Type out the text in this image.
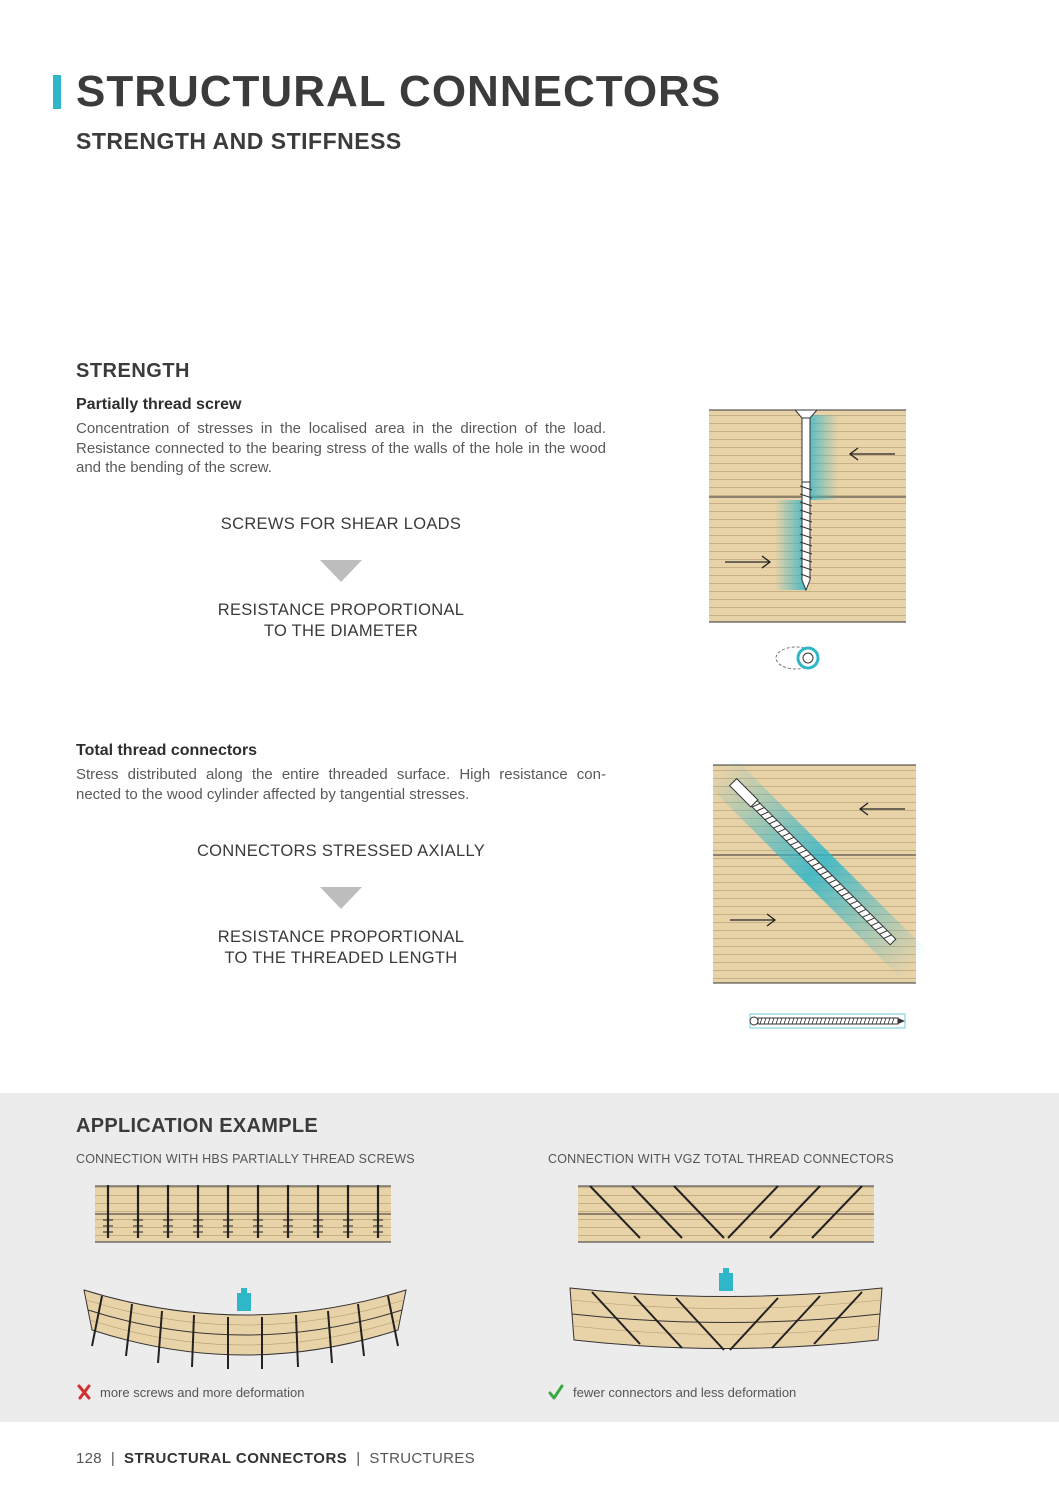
STRUCTURAL CONNECTORS
STRENGTH AND STIFFNESS
STRENGTH
Partially thread screw

Concentration of stresses in the localised area in the direction of the load. Resistance connected to the bearing stress of the walls of the hole in the wood and the bending of the screw.

SCREWS FOR SHEAR LOADS
RESISTANCE PROPORTIONAL
TO THE DIAMETER
Total thread connectors

Stress distributed along the entire threaded surface. High resistance con-nected to the wood cylinder affected by tangential stresses.

CONNECTORS STRESSED AXIALLY
RESISTANCE PROPORTIONAL
TO THE THREADED LENGTH
APPLICATION EXAMPLE
CONNECTION WITH HBS PARTIALLY THREAD SCREWS	CONNECTION WITH VGZ TOTAL THREAD CONNECTORS
more screws and more deformation	fewer connectors and less deformation
128  |  STRUCTURAL CONNECTORS  |  STRUCTURES
